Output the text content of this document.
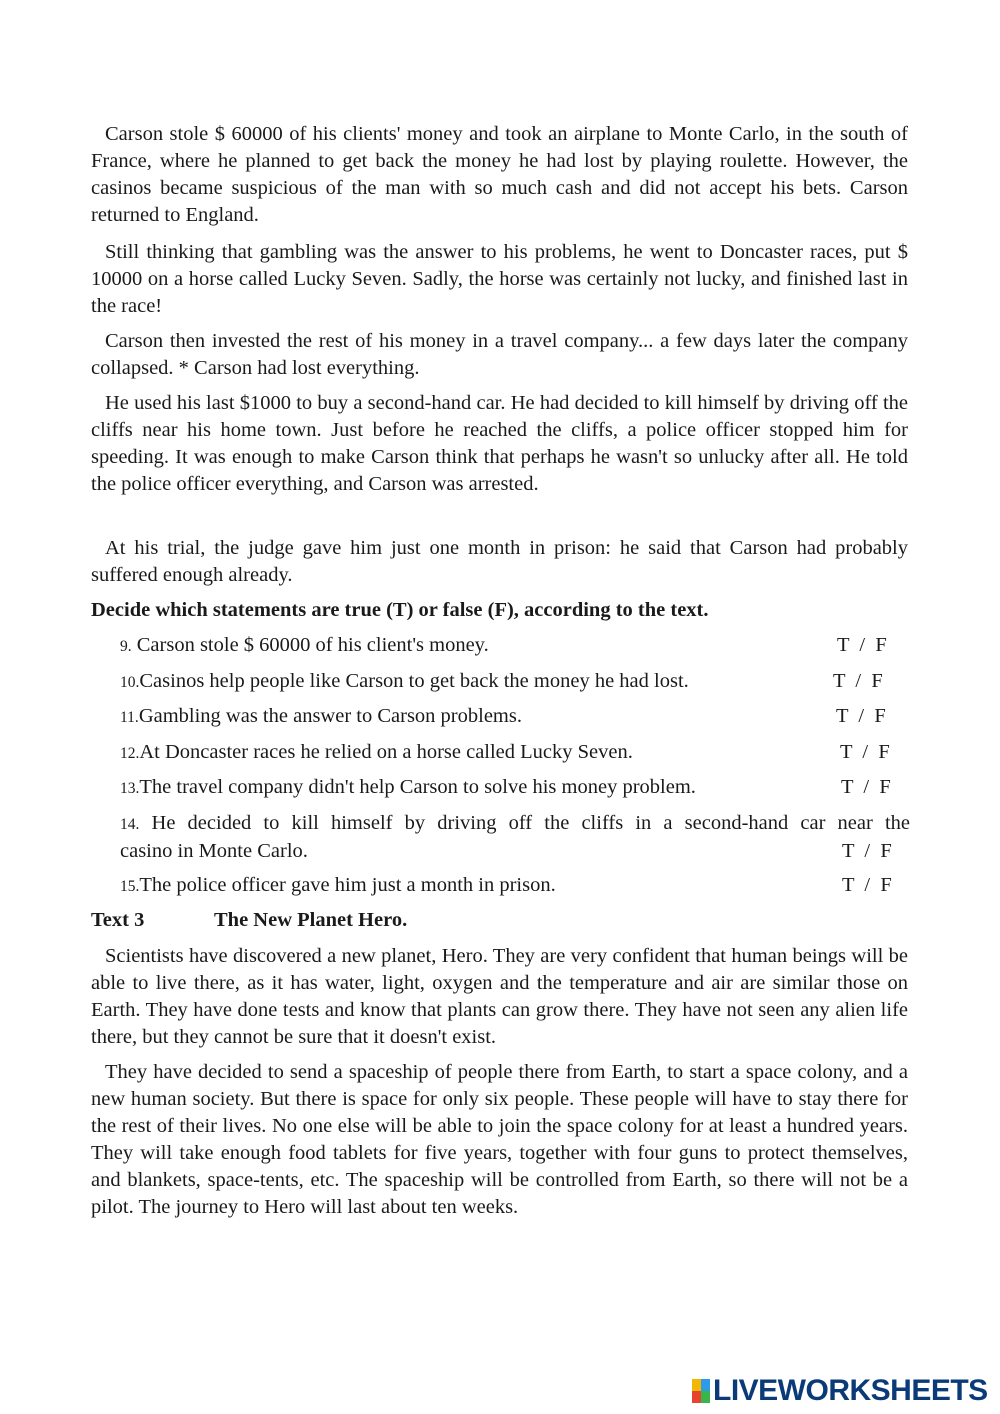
Carson stole $ 60000 of his clients' money and took an airplane to Monte Carlo, in the south of France, where he planned to get back the money he had lost by playing roulette. However, the casinos became suspicious of the man with so much cash and did not accept his bets. Carson returned to England.

Still thinking that gambling was the answer to his problems, he went to Doncaster races, put $ 10000 on a horse called Lucky Seven. Sadly, the horse was certainly not lucky, and finished last in the race!

Carson then invested the rest of his money in a travel company... a few days later the company collapsed. * Carson had lost everything.

He used his last $1000 to buy a second-hand car. He had decided to kill himself by driving off the cliffs near his home town. Just before he reached the cliffs, a police officer stopped him for speeding. It was enough to make Carson think that perhaps he wasn't so unlucky after all. He told the police officer everything, and Carson was arrested.

At his trial, the judge gave him just one month in prison: he said that Carson had probably suffered enough already.

Decide which statements are true (T) or false (F), according to the text.

9. Carson stole $ 60000 of his client's money.	T  /  F
10.Casinos help people like Carson to get back the money he had lost.	T  /  F
11.Gambling was the answer to Carson problems.	T  /  F
12.At Doncaster races he relied on a horse called Lucky Seven.	T  /  F
13.The travel company didn't help Carson to solve his money problem.	T  /  F
14. He decided to kill himself by driving off the cliffs in a second-hand car near the
casino in Monte Carlo.	T  /  F
15.The police officer gave him just a month in prison.	T  /  F
Text 3	The New Planet Hero.

Scientists have discovered a new planet, Hero. They are very confident that human beings will be able to live there, as it has water, light, oxygen and the temperature and air are similar those on Earth. They have done tests and know that plants can grow there. They have not seen any alien life there, but they cannot be sure that it doesn't exist.

They have decided to send a spaceship of people there from Earth, to start a space colony, and a new human society. But there is space for only six people. These people will have to stay there for the rest of their lives. No one else will be able to join the space colony for at least a hundred years. They will take enough food tablets for five years, together with four guns to protect themselves, and blankets, space-tents, etc. The spaceship will be controlled from Earth, so there will not be a pilot. The journey to Hero will last about ten weeks.

LIVEWORKSHEETS
